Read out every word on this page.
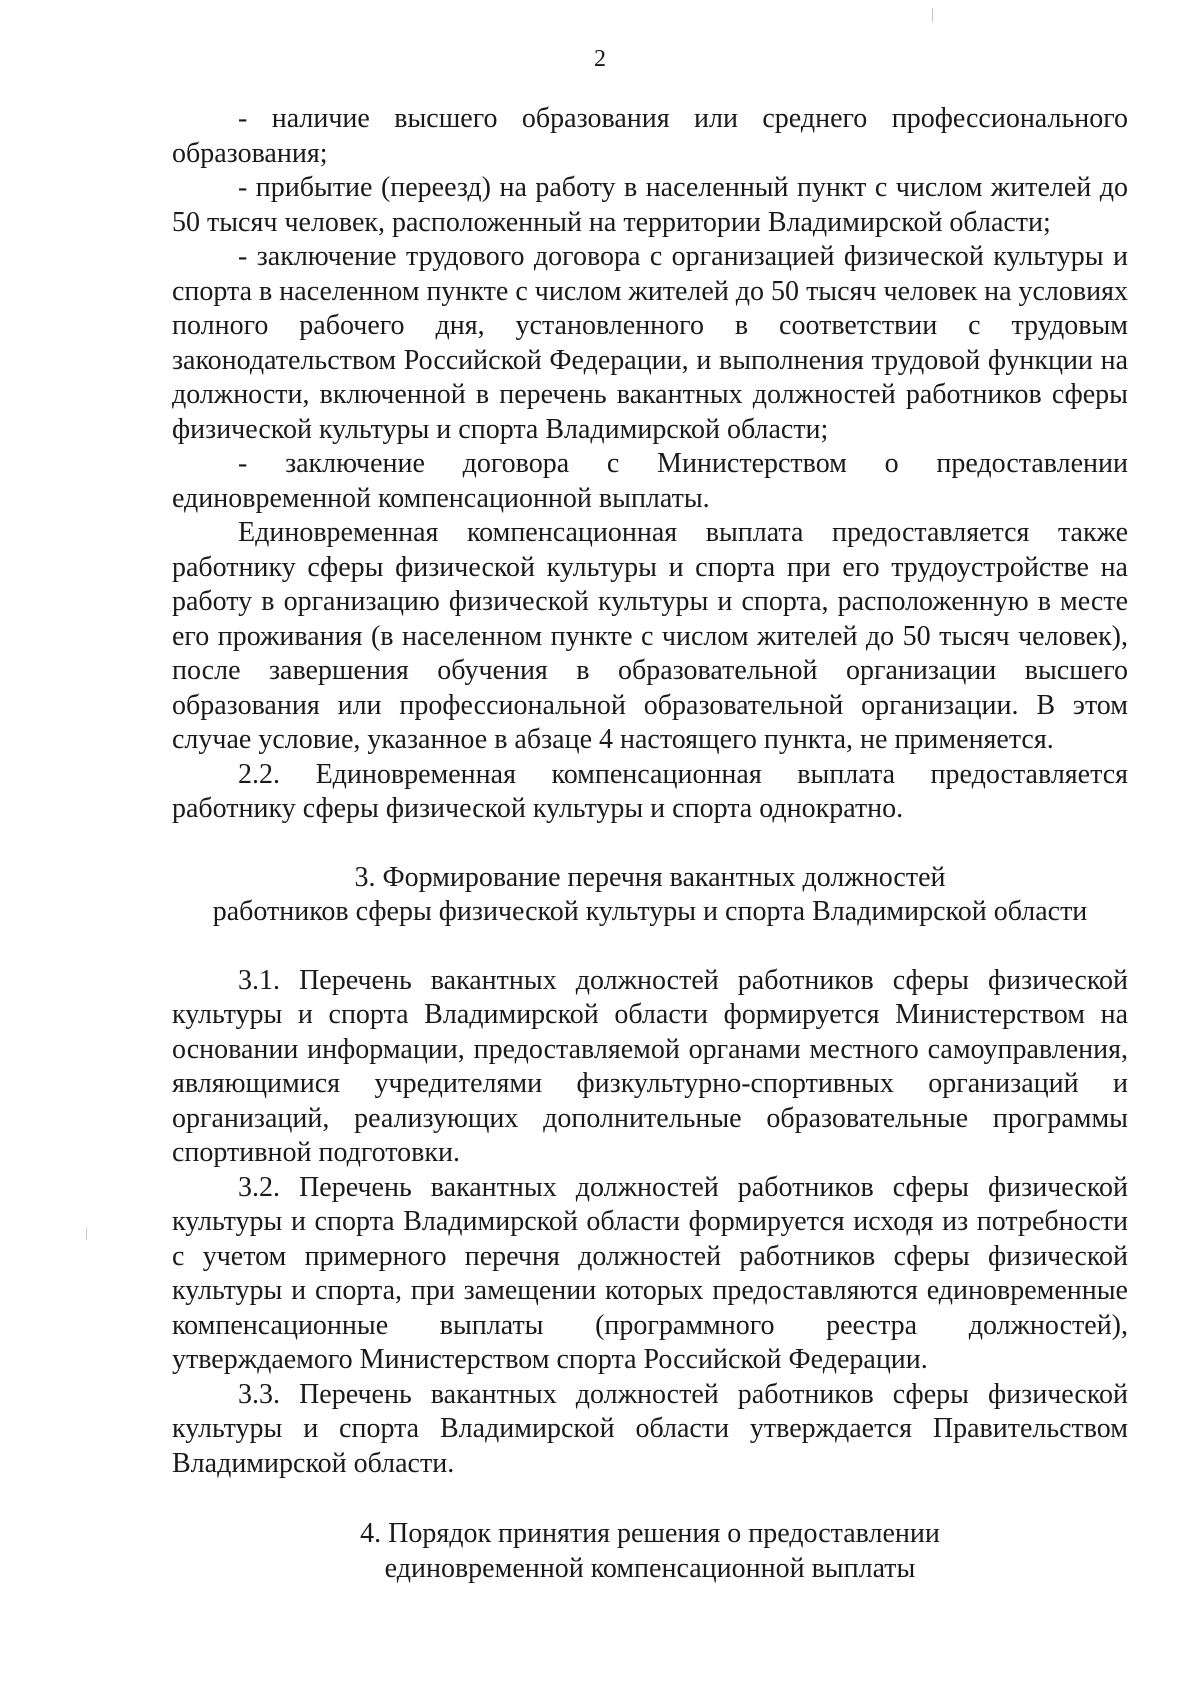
2

- наличие высшего образования или среднего профессионального образования;

- прибытие (переезд) на работу в населенный пункт с числом жителей до 50 тысяч человек, расположенный на территории Владимирской области;

- заключение трудового договора с организацией физической культуры и спорта в населенном пункте с числом жителей до 50 тысяч человек на условиях полного рабочего дня, установленного в соответствии с трудовым законодательством Российской Федерации, и выполнения трудовой функции на должности, включенной в перечень вакантных должностей работников сферы физической культуры и спорта Владимирской области;

- заключение договора с Министерством о предоставлении единовременной компенсационной выплаты.

Единовременная компенсационная выплата предоставляется также работнику сферы физической культуры и спорта при его трудоустройстве на работу в организацию физической культуры и спорта, расположенную в месте его проживания (в населенном пункте с числом жителей до 50 тысяч человек), после завершения обучения в образовательной организации высшего образования или профессиональной образовательной организации. В этом случае условие, указанное в абзаце 4 настоящего пункта, не применяется.

2.2. Единовременная компенсационная выплата предоставляется работнику сферы физической культуры и спорта однократно.

3. Формирование перечня вакантных должностей
работников сферы физической культуры и спорта Владимирской области

3.1. Перечень вакантных должностей работников сферы физической культуры и спорта Владимирской области формируется Министерством на основании информации, предоставляемой органами местного самоуправления, являющимися учредителями физкультурно-спортивных организаций и организаций, реализующих дополнительные образовательные программы спортивной подготовки.

3.2. Перечень вакантных должностей работников сферы физической культуры и спорта Владимирской области формируется исходя из потребности с учетом примерного перечня должностей работников сферы физической культуры и спорта, при замещении которых предоставляются единовременные компенсационные выплаты (программного реестра должностей), утверждаемого Министерством спорта Российской Федерации.

3.3. Перечень вакантных должностей работников сферы физической культуры и спорта Владимирской области утверждается Правительством Владимирской области.

4. Порядок принятия решения о предоставлении
единовременной компенсационной выплаты
